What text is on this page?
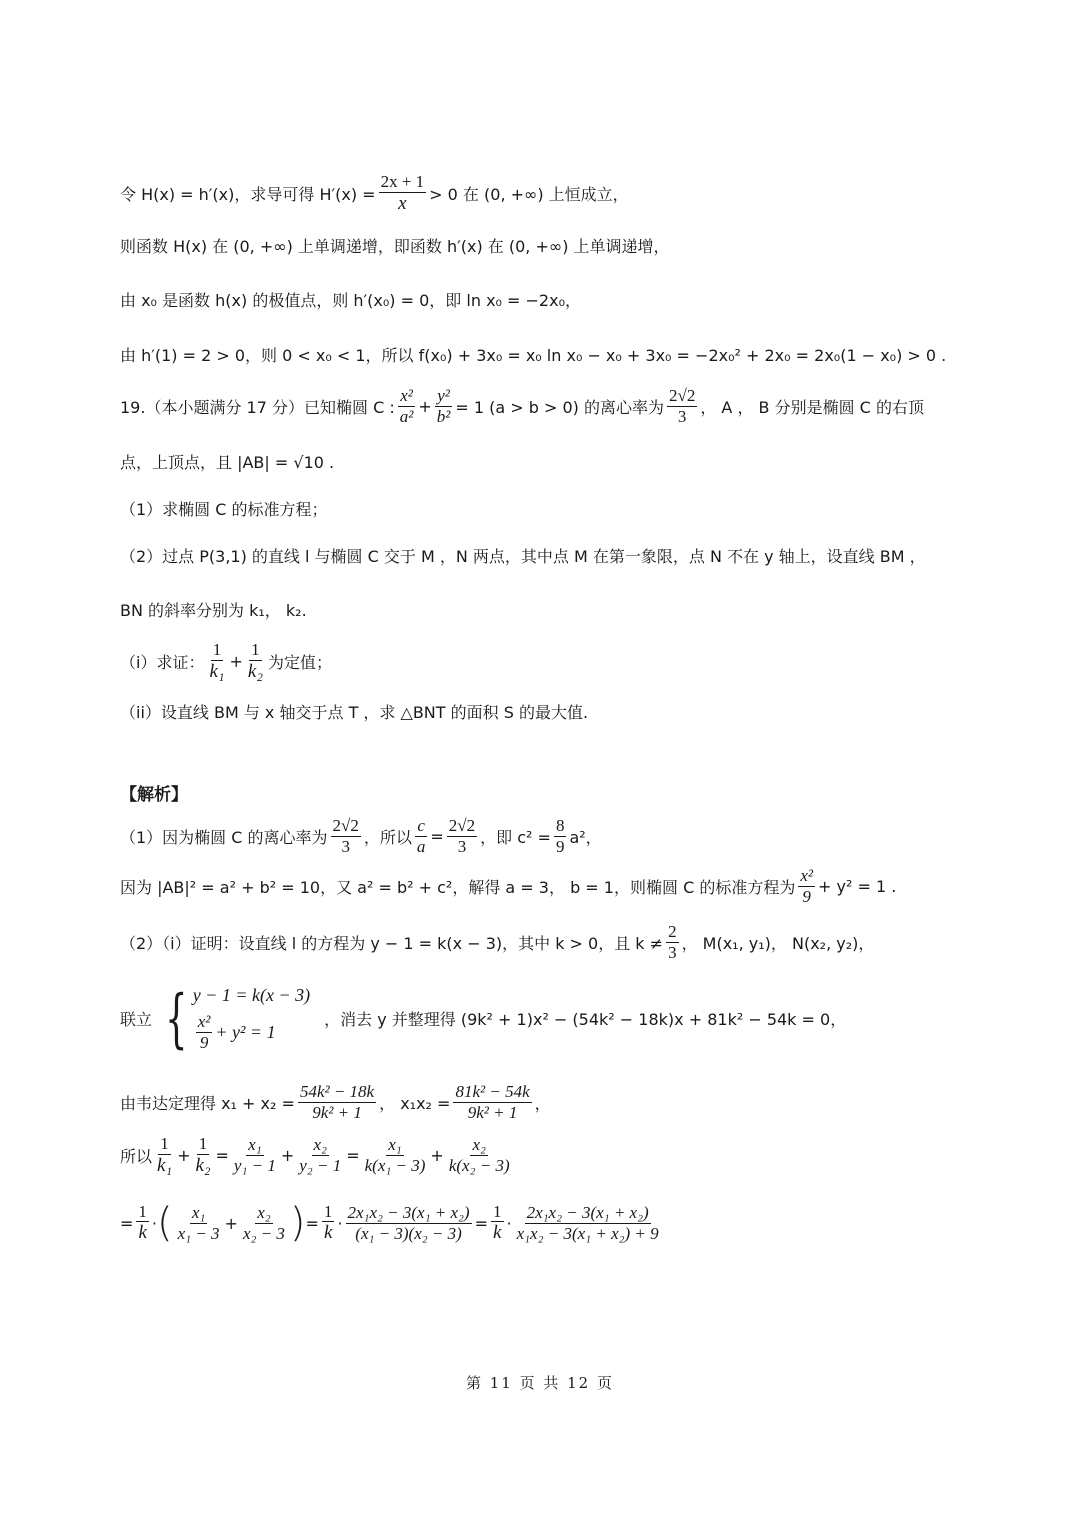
令 H(x) = h′(x)，求导可得 $H'(x) = \frac{2x + 1}{x} > 0$ 在 (0, +∞) 上恒成立，
则函数 H(x) 在 (0, +∞) 上单调递增，即函数 h′(x) 在 (0, +∞) 上单调递增，
由 x₀ 是函数 h(x) 的极值点，则 h′(x₀) = 0，即 ln x₀ = −2x₀，
由 h′(1) = 2 > 0，则 0 < x₀ < 1，所以 f(x₀) + 3x₀ = x₀ ln x₀ − x₀ + 3x₀ = −2x₀² + 2x₀ = 2x₀(1 − x₀) > 0 .
19.（本小题满分 17 分）已知椭圆 C : $\frac{\text{x²}}{\text{a²}} + \frac{\text{y²}}{\text{b²}} = 1$ (a > b > 0) 的离心率为 $\frac{2√2}{3}$ ， A ， B 分别是椭圆 C 的右顶
点，上顶点，且 |AB| = √10 .
（1）求椭圆 C 的标准方程；
（2）过点 P(3,1) 的直线 l 与椭圆 C 交于 M ，N 两点，其中点 M 在第一象限，点 N 不在 y 轴上，设直线 BM ，
BN 的斜率分别为 k₁， k₂.
（i）求证： $\frac{1}{\text{k₁}} + \frac{1}{\text{k₂}}$ 为定值；
（ii）设直线 BM 与 x 轴交于点 T ，求 △BNT 的面积 S 的最大值.
【解析】
（1）因为椭圆 C 的离心率为 $\frac{2√2}{3}$ ，所以 $\frac{c}{a} = \frac{2√2}{3}$ ，即 $c^2 = \frac{8}{9} a^2$，
因为 |AB|² = a² + b² = 10，又 a² = b² + c²，解得 a = 3， b = 1，则椭圆 C 的标准方程为 $\frac{\text{x²}}{9} + y^2 = 1$ .
（2）（i）证明：设直线 l 的方程为 y − 1 = k(x − 3)，其中 k > 0，且 $k \ne \frac{2}{3}$ ， M(x₁, y₁)， N(x₂, y₂)，
联立 { y − 1 = k(x − 3)
$\frac{\text{x²}}{9} + y^2 = 1$
，消去 y 并整理得 (9k² + 1)x² − (54k² − 18k)x + 81k² − 54k = 0，
由韦达定理得 $x_1 + x_2 = \frac{\text{54k² − 18k}}{\text{9k² + 1}}$ ， $x_1x_2 = \frac{\text{81k² − 54k}}{\text{9k² + 1}}$ ，
所以 $\frac{1}{\text{k₁}} + \frac{1}{\text{k₂}} = \frac{\text{x₁}}{\text{y₁ − 1}} + \frac{\text{x₂}}{\text{y₂ − 1}} = \frac{\text{x₁}}{\text{k(x₁ − 3)}} + \frac{\text{x₂}}{\text{k(x₂ − 3)}}$
= $\frac{1}{k}$ · ( $\frac{\text{x₁}}{\text{x₁ − 3}} + \frac{\text{x₂}}{\text{x₂ − 3}}$ ) = $\frac{1}{k} \cdot \frac{\text{2x₁x₂ − 3(x₁ + x₂)}}{\text{(x₁ − 3)(x₂ − 3)}} = \frac{1}{k} \cdot \frac{\text{2x₁x₂ − 3(x₁ + x₂)}}{\text{x₁x₂ − 3(x₁ + x₂) + 9}}$
第 11 页 共 12 页
